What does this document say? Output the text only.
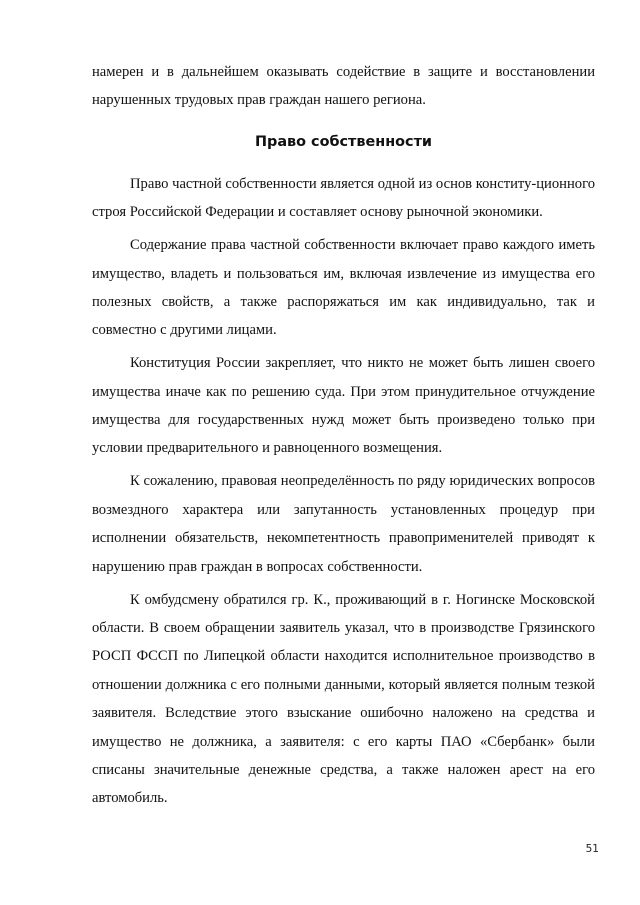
намерен и в дальнейшем оказывать содействие в защите и восстановлении нарушенных трудовых прав граждан нашего региона.

Право собственности

Право частной собственности является одной из основ конститу-ционного строя Российской Федерации и составляет основу рыночной экономики.

Содержание права частной собственности включает право каждого иметь имущество, владеть и пользоваться им, включая извлечение из имущества его полезных свойств, а также распоряжаться им как индивидуально, так и совместно с другими лицами.

Конституция России закрепляет, что никто не может быть лишен своего имущества иначе как по решению суда. При этом принудительное отчуждение имущества для государственных нужд может быть произведено только при условии предварительного и равноценного возмещения.

К сожалению, правовая неопределённость по ряду юридических вопросов возмездного характера или запутанность установленных процедур при исполнении обязательств, некомпетентность правоприменителей приводят к нарушению прав граждан в вопросах собственности.

К омбудсмену обратился гр. К., проживающий в г. Ногинске Московской области. В своем обращении заявитель указал, что в производстве Грязинского РОСП ФССП по Липецкой области находится исполнительное производство в отношении должника с его полными данными, который является полным тезкой заявителя. Вследствие этого взыскание ошибочно наложено на средства и имущество не должника, а заявителя: с его карты ПАО «Сбербанк» были списаны значительные денежные средства, а также наложен арест на его автомобиль.

51
